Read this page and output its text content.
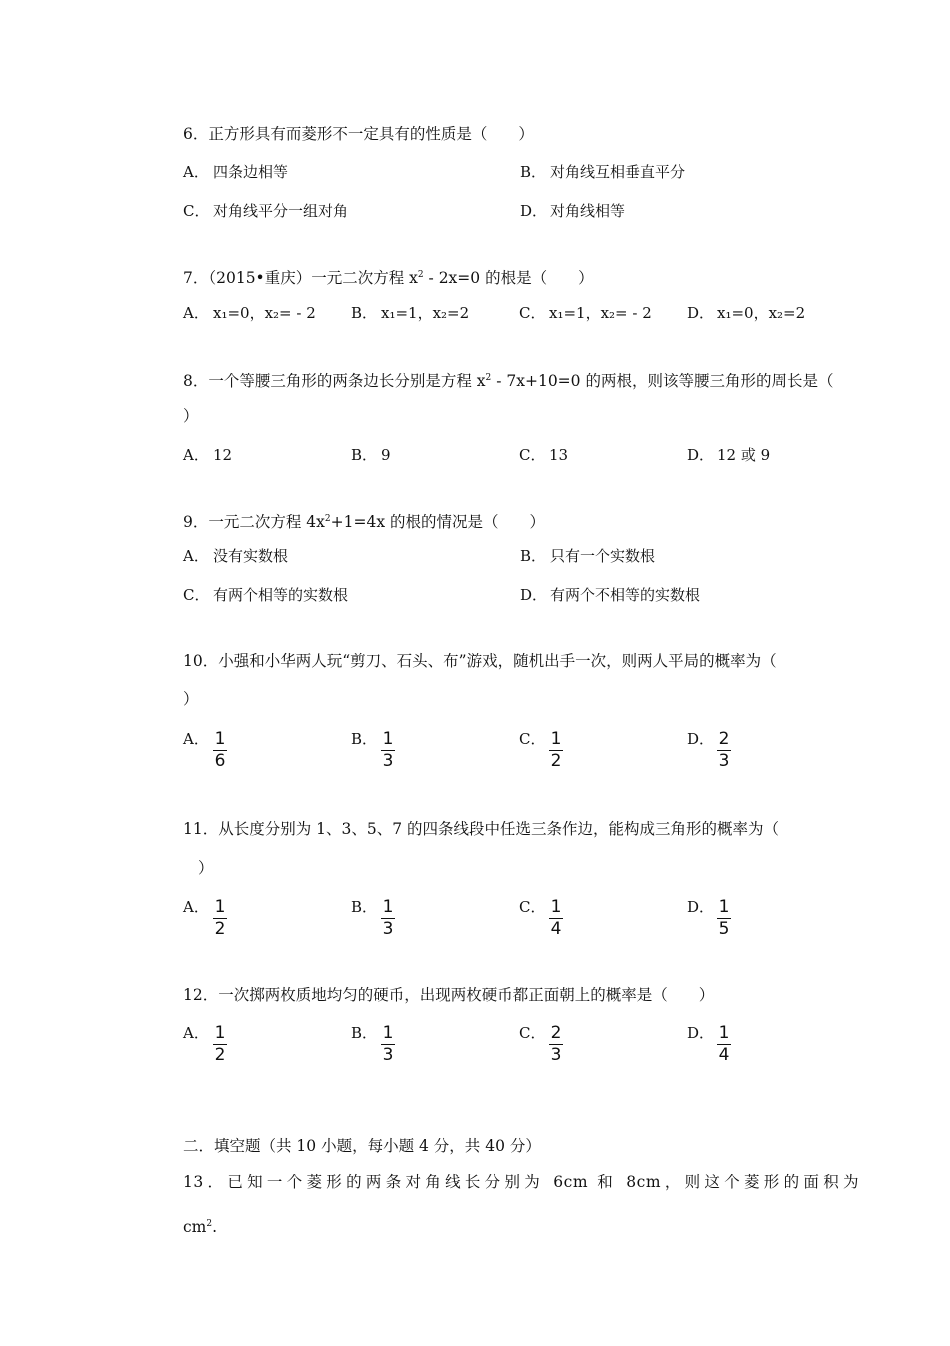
6．正方形具有而菱形不一定具有的性质是（　　）
A． 四条边相等	B． 对角线互相垂直平分
C． 对角线平分一组对角	D． 对角线相等
7．（2015•重庆）一元二次方程 $x^2 - 2x=0$ 的根是（　　）
A． x₁=0，x₂= - 2 B． x₁=1，x₂=2	C． x₁=1，x₂= - 2 D． x₁=0，x₂=2
8．一个等腰三角形的两条边长分别是方程 $x^2 - 7x+10=0$ 的两根，则该等腰三角形的周长是（
）
A． 12	B． 9	C． 13	D． 12 或 9
9．一元二次方程 $4x^2+1=4x$ 的根的情况是（　　）
A． 没有实数根	B． 只有一个实数根
C． 有两个相等的实数根	D． 有两个不相等的实数根
10．小强和小华两人玩“剪刀、石头、布”游戏，随机出手一次，则两人平局的概率为（
）
A． $\frac{1}{6}$	B． $\frac{1}{3}$	C． $\frac{1}{2}$	D． $\frac{2}{3}$
11．从长度分别为 1、3、5、7 的四条线段中任选三条作边，能构成三角形的概率为（
）
A． $\frac{1}{2}$	B． $\frac{1}{3}$	C． $\frac{1}{4}$	D． $\frac{1}{5}$
12．一次掷两枚质地均匀的硬币，出现两枚硬币都正面朝上的概率是（　　）
A． $\frac{1}{2}$	B． $\frac{1}{3}$	C． $\frac{2}{3}$	D． $\frac{1}{4}$
二．填空题（共 10 小题，每小题 4 分，共 40 分）
13．已知一个菱形的两条对角线长分别为 6cm 和 8cm，则这个菱形的面积为
$cm^2$.
